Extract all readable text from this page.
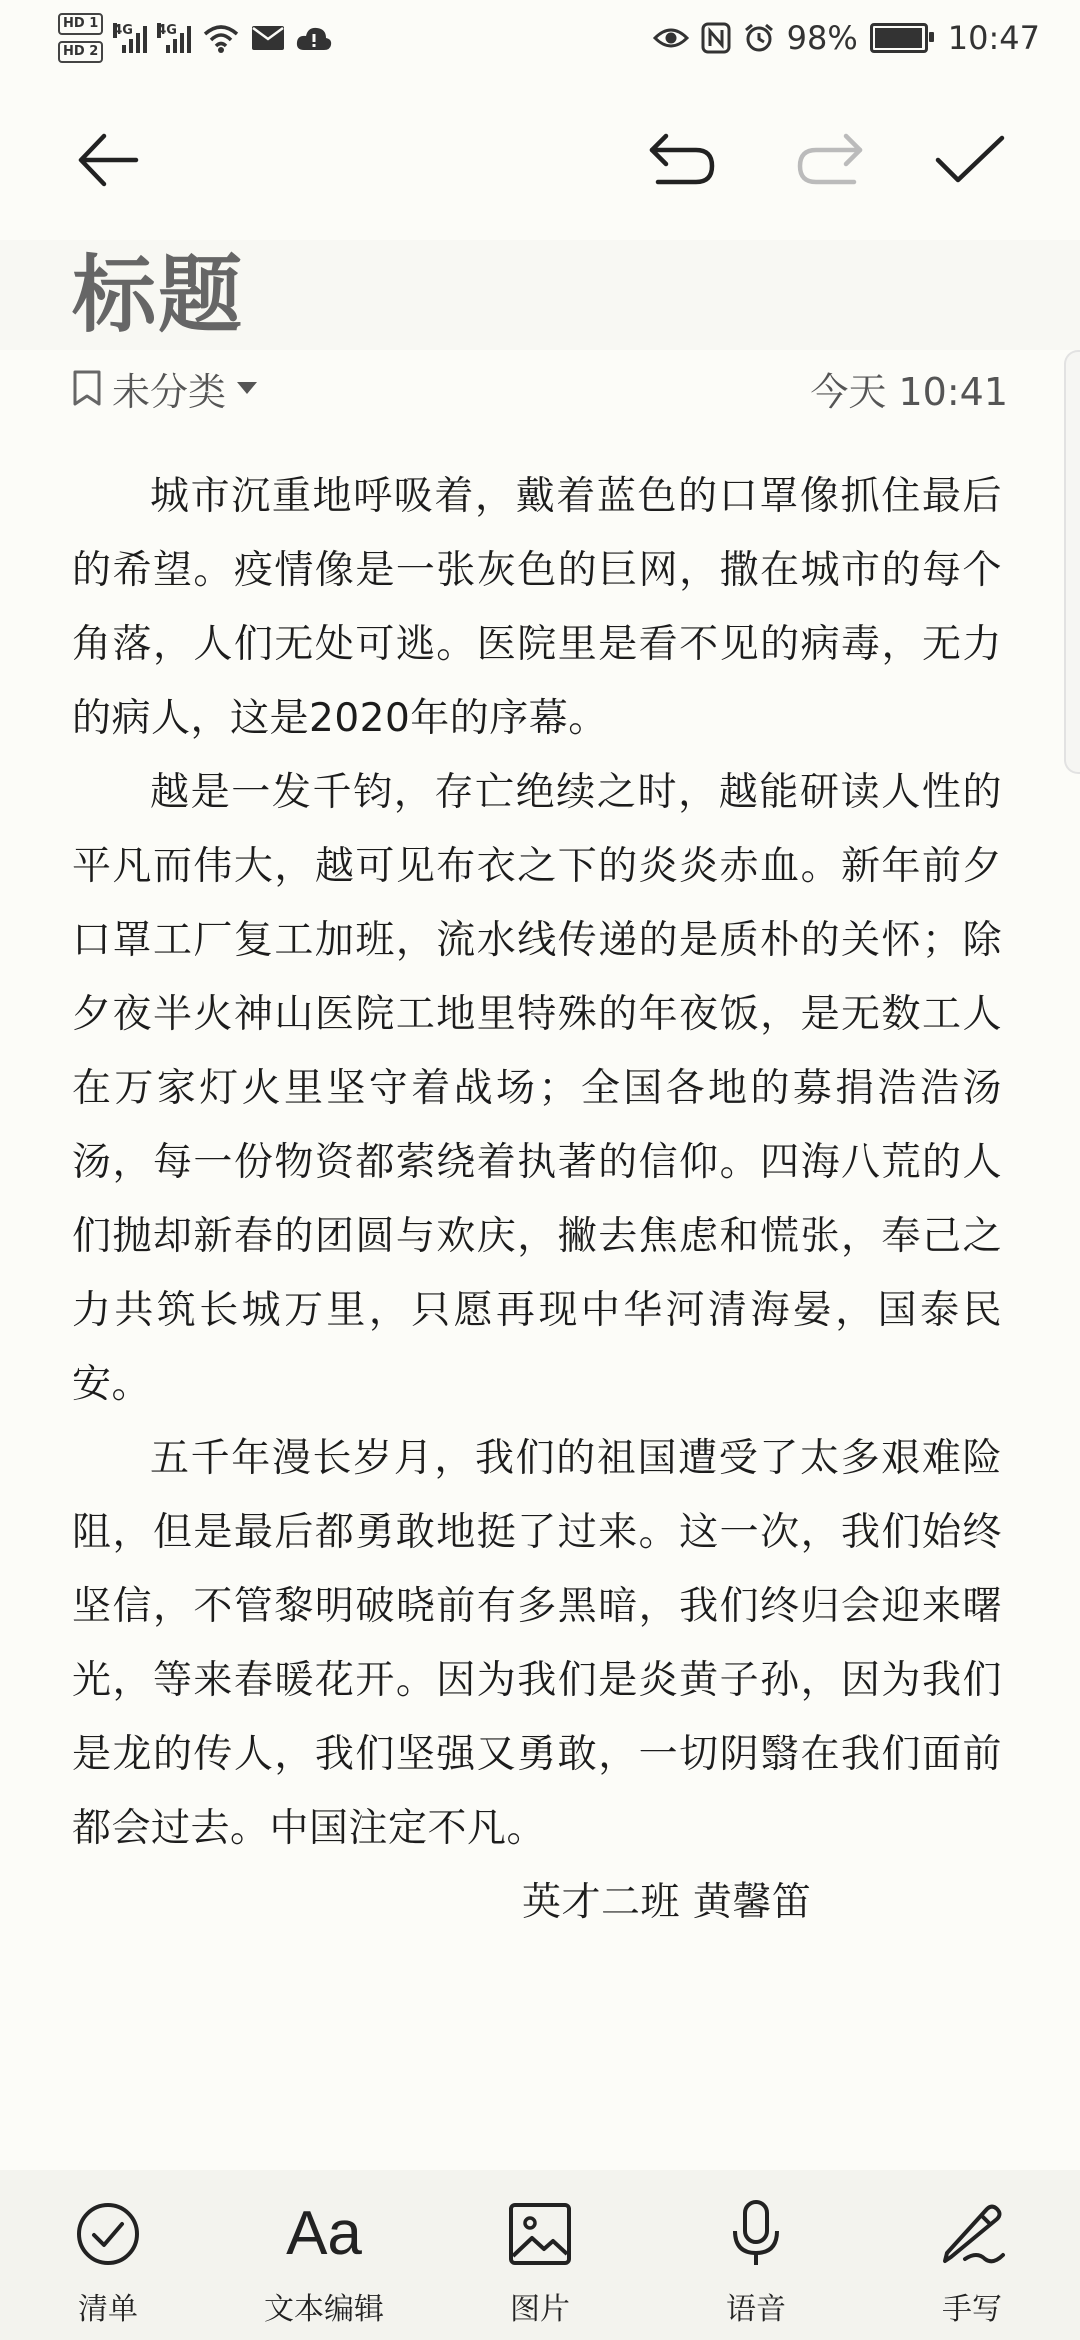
HD 1
HD 2
4G 4G	98%	10:47
标题
未分类	今天 10:41

城市沉重地呼吸着，戴着蓝色的口罩像抓住最后的希望。疫情像是一张灰色的巨网，撒在城市的每个角落，人们无处可逃。医院里是看不见的病毒，无力的病人，这是2020年的序幕。

越是一发千钧，存亡绝续之时，越能研读人性的平凡而伟大，越可见布衣之下的炎炎赤血。新年前夕口罩工厂复工加班，流水线传递的是质朴的关怀；除夕夜半火神山医院工地里特殊的年夜饭，是无数工人在万家灯火里坚守着战场；全国各地的募捐浩浩汤汤，每一份物资都萦绕着执著的信仰。四海八荒的人们抛却新春的团圆与欢庆，撇去焦虑和慌张，奉己之力共筑长城万里，只愿再现中华河清海晏，国泰民安。

五千年漫长岁月，我们的祖国遭受了太多艰难险阻，但是最后都勇敢地挺了过来。这一次，我们始终坚信，不管黎明破晓前有多黑暗，我们终归会迎来曙光，等来春暖花开。因为我们是炎黄子孙，因为我们是龙的传人，我们坚强又勇敢，一切阴翳在我们面前都会过去。中国注定不凡。

英才二班 黄馨笛

清单
Aa
文本编辑	图片	语音	手写
